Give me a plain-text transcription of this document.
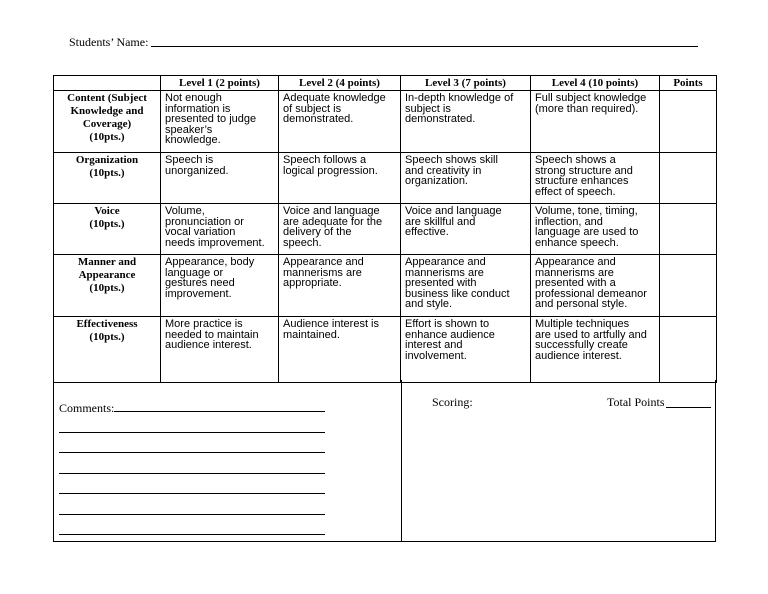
Students’ Name:
	Level 1 (2 points)	Level 2 (4 points)	Level 3 (7 points)	Level 4 (10 points)	Points

Content (Subject
Knowledge and
Coverage)
(10pts.)	Not enough
information is
presented to judge
speaker’s
knowledge.	Adequate knowledge
of subject is
demonstrated.	In-depth knowledge of
subject is
demonstrated.	Full subject knowledge
(more than required).	

Organization
(10pts.)	Speech is
unorganized.	Speech follows a
logical progression.	Speech shows skill
and creativity in
organization.	Speech shows a
strong structure and
structure enhances
effect of speech.	

Voice
(10pts.)	Volume,
pronunciation or
vocal variation
needs improvement.	Voice and language
are adequate for the
delivery of the
speech.	Voice and language
are skillful and
effective.	Volume, tone, timing,
inflection, and
language are used to
enhance speech.	

Manner and
Appearance
(10pts.)	Appearance, body
language or
gestures need
improvement.	Appearance and
mannerisms are
appropriate.	Appearance and
mannerisms are
presented with
business like conduct
and style.	Appearance and
mannerisms are
presented with a
professional demeanor
and personal style.	

Effectiveness
(10pts.)	More practice is
needed to maintain
audience interest.	Audience interest is
maintained.	Effort is shown to
enhance audience
interest and
involvement.	Multiple techniques
are used to artfully and
successfully create
audience interest.	

Comments:	Scoring:	Total Points
